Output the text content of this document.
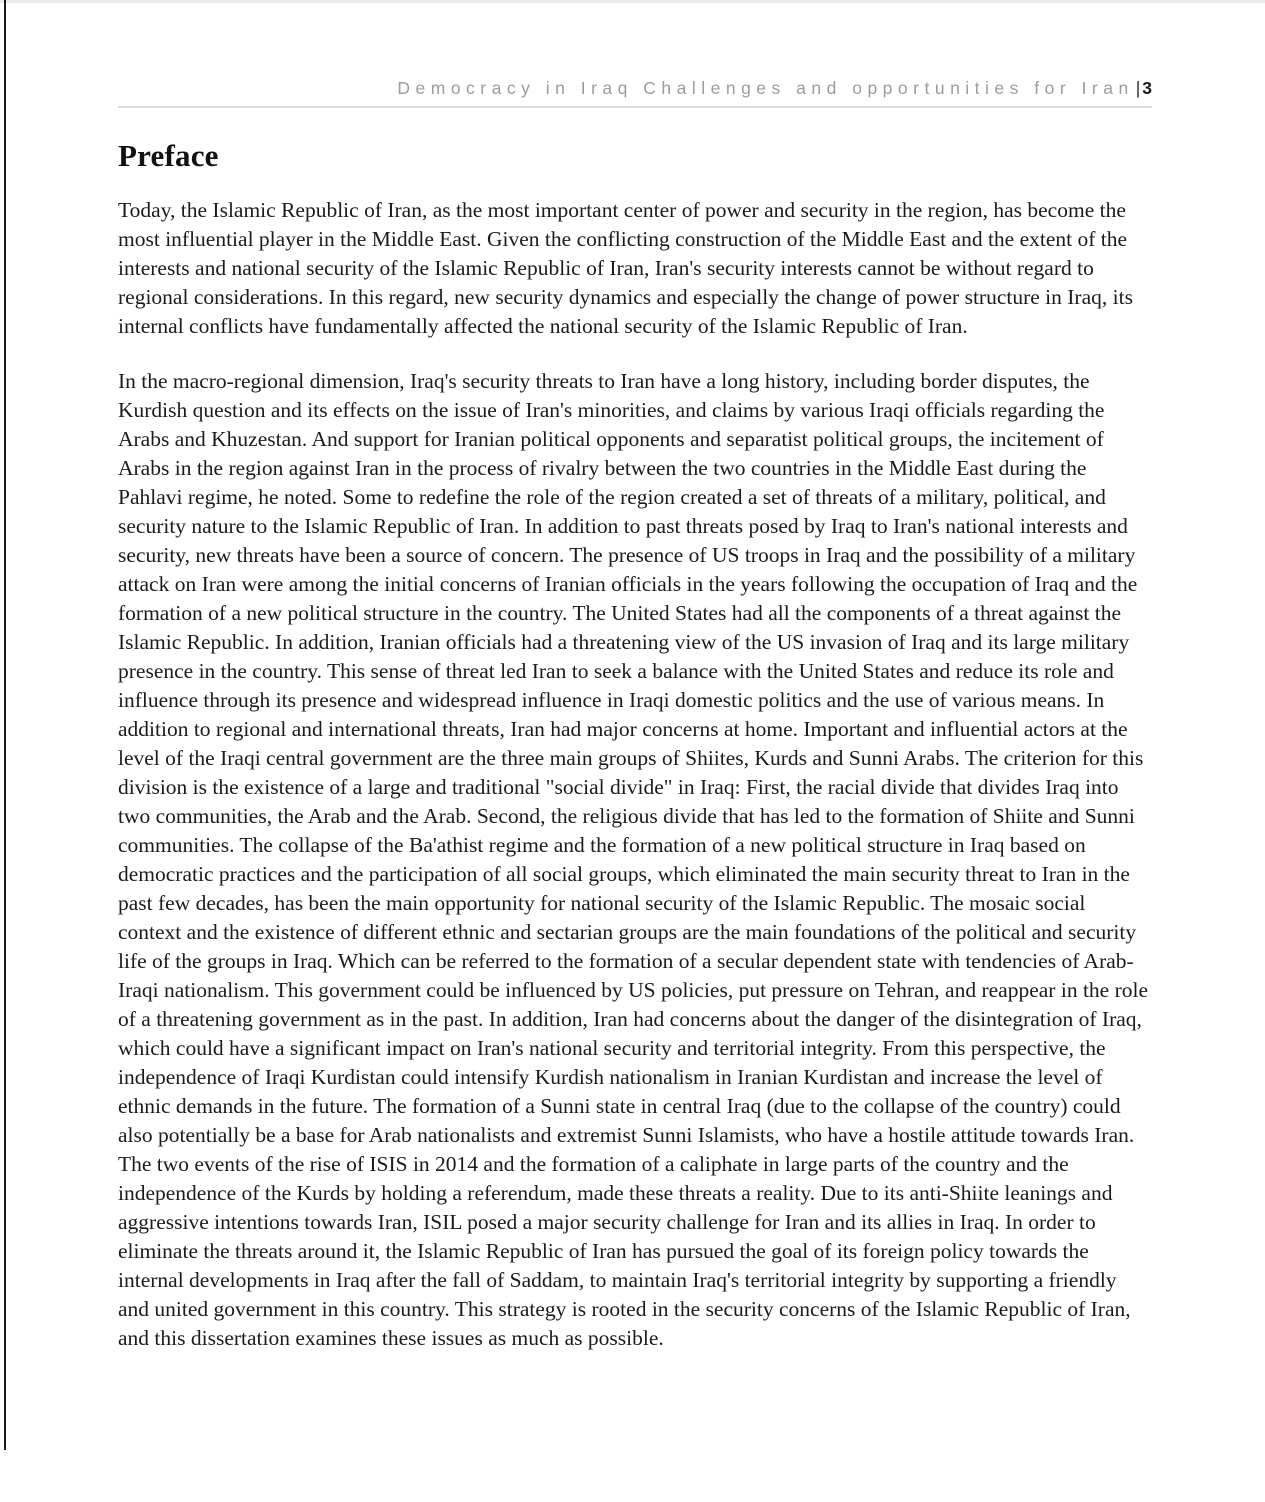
Democracy in Iraq Challenges and opportunities for Iran |3
Preface

Today, the Islamic Republic of Iran, as the most important center of power and security in the region, has become the most influential player in the Middle East. Given the conflicting construction of the Middle East and the extent of the interests and national security of the Islamic Republic of Iran, Iran's security interests cannot be without regard to regional considerations. In this regard, new security dynamics and especially the change of power structure in Iraq, its internal conflicts have fundamentally affected the national security of the Islamic Republic of Iran.

In the macro-regional dimension, Iraq's security threats to Iran have a long history, including border disputes, the Kurdish question and its effects on the issue of Iran's minorities, and claims by various Iraqi officials regarding the Arabs and Khuzestan. And support for Iranian political opponents and separatist political groups, the incitement of Arabs in the region against Iran in the process of rivalry between the two countries in the Middle East during the Pahlavi regime, he noted. Some to redefine the role of the region created a set of threats of a military, political, and security nature to the Islamic Republic of Iran. In addition to past threats posed by Iraq to Iran's national interests and security, new threats have been a source of concern. The presence of US troops in Iraq and the possibility of a military attack on Iran were among the initial concerns of Iranian officials in the years following the occupation of Iraq and the formation of a new political structure in the country. The United States had all the components of a threat against the Islamic Republic. In addition, Iranian officials had a threatening view of the US invasion of Iraq and its large military presence in the country. This sense of threat led Iran to seek a balance with the United States and reduce its role and influence through its presence and widespread influence in Iraqi domestic politics and the use of various means. In addition to regional and international threats, Iran had major concerns at home. Important and influential actors at the level of the Iraqi central government are the three main groups of Shiites, Kurds and Sunni Arabs. The criterion for this division is the existence of a large and traditional "social divide" in Iraq: First, the racial divide that divides Iraq into two communities, the Arab and the Arab. Second, the religious divide that has led to the formation of Shiite and Sunni communities. The collapse of the Ba'athist regime and the formation of a new political structure in Iraq based on democratic practices and the participation of all social groups, which eliminated the main security threat to Iran in the past few decades, has been the main opportunity for national security of the Islamic Republic. The mosaic social context and the existence of different ethnic and sectarian groups are the main foundations of the political and security life of the groups in Iraq. Which can be referred to the formation of a secular dependent state with tendencies of Arab-Iraqi nationalism. This government could be influenced by US policies, put pressure on Tehran, and reappear in the role of a threatening government as in the past. In addition, Iran had concerns about the danger of the disintegration of Iraq, which could have a significant impact on Iran's national security and territorial integrity. From this perspective, the independence of Iraqi Kurdistan could intensify Kurdish nationalism in Iranian Kurdistan and increase the level of ethnic demands in the future. The formation of a Sunni state in central Iraq (due to the collapse of the country) could also potentially be a base for Arab nationalists and extremist Sunni Islamists, who have a hostile attitude towards Iran. The two events of the rise of ISIS in 2014 and the formation of a caliphate in large parts of the country and the independence of the Kurds by holding a referendum, made these threats a reality. Due to its anti-Shiite leanings and aggressive intentions towards Iran, ISIL posed a major security challenge for Iran and its allies in Iraq. In order to eliminate the threats around it, the Islamic Republic of Iran has pursued the goal of its foreign policy towards the internal developments in Iraq after the fall of Saddam, to maintain Iraq's territorial integrity by supporting a friendly and united government in this country. This strategy is rooted in the security concerns of the Islamic Republic of Iran, and this dissertation examines these issues as much as possible.
